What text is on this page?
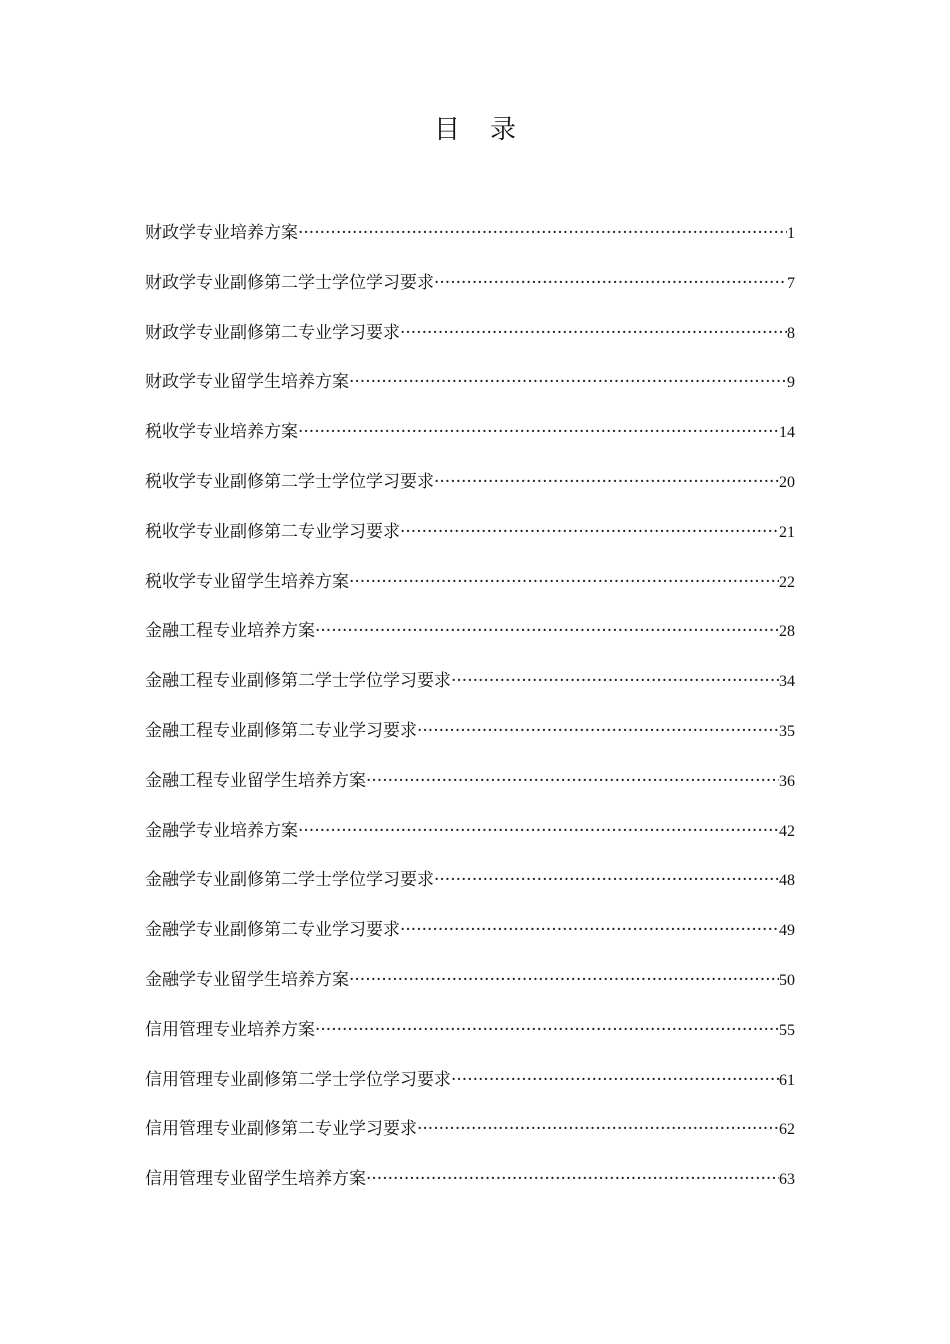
目录
财政学专业培养方案 ·····	1
财政学专业副修第二学士学位学习要求 ·····	7
财政学专业副修第二专业学习要求 ·····	8
财政学专业留学生培养方案 ·····	9
税收学专业培养方案 ·····	14
税收学专业副修第二学士学位学习要求 ·····	20
税收学专业副修第二专业学习要求 ·····	21
税收学专业留学生培养方案 ·····	22
金融工程专业培养方案 ·····	28
金融工程专业副修第二学士学位学习要求 ·····	34
金融工程专业副修第二专业学习要求 ·····	35
金融工程专业留学生培养方案 ·····	36
金融学专业培养方案 ·····	42
金融学专业副修第二学士学位学习要求 ·····	48
金融学专业副修第二专业学习要求 ·····	49
金融学专业留学生培养方案 ·····	50
信用管理专业培养方案 ·····	55
信用管理专业副修第二学士学位学习要求 ·····	61
信用管理专业副修第二专业学习要求 ·····	62
信用管理专业留学生培养方案 ·····	63
